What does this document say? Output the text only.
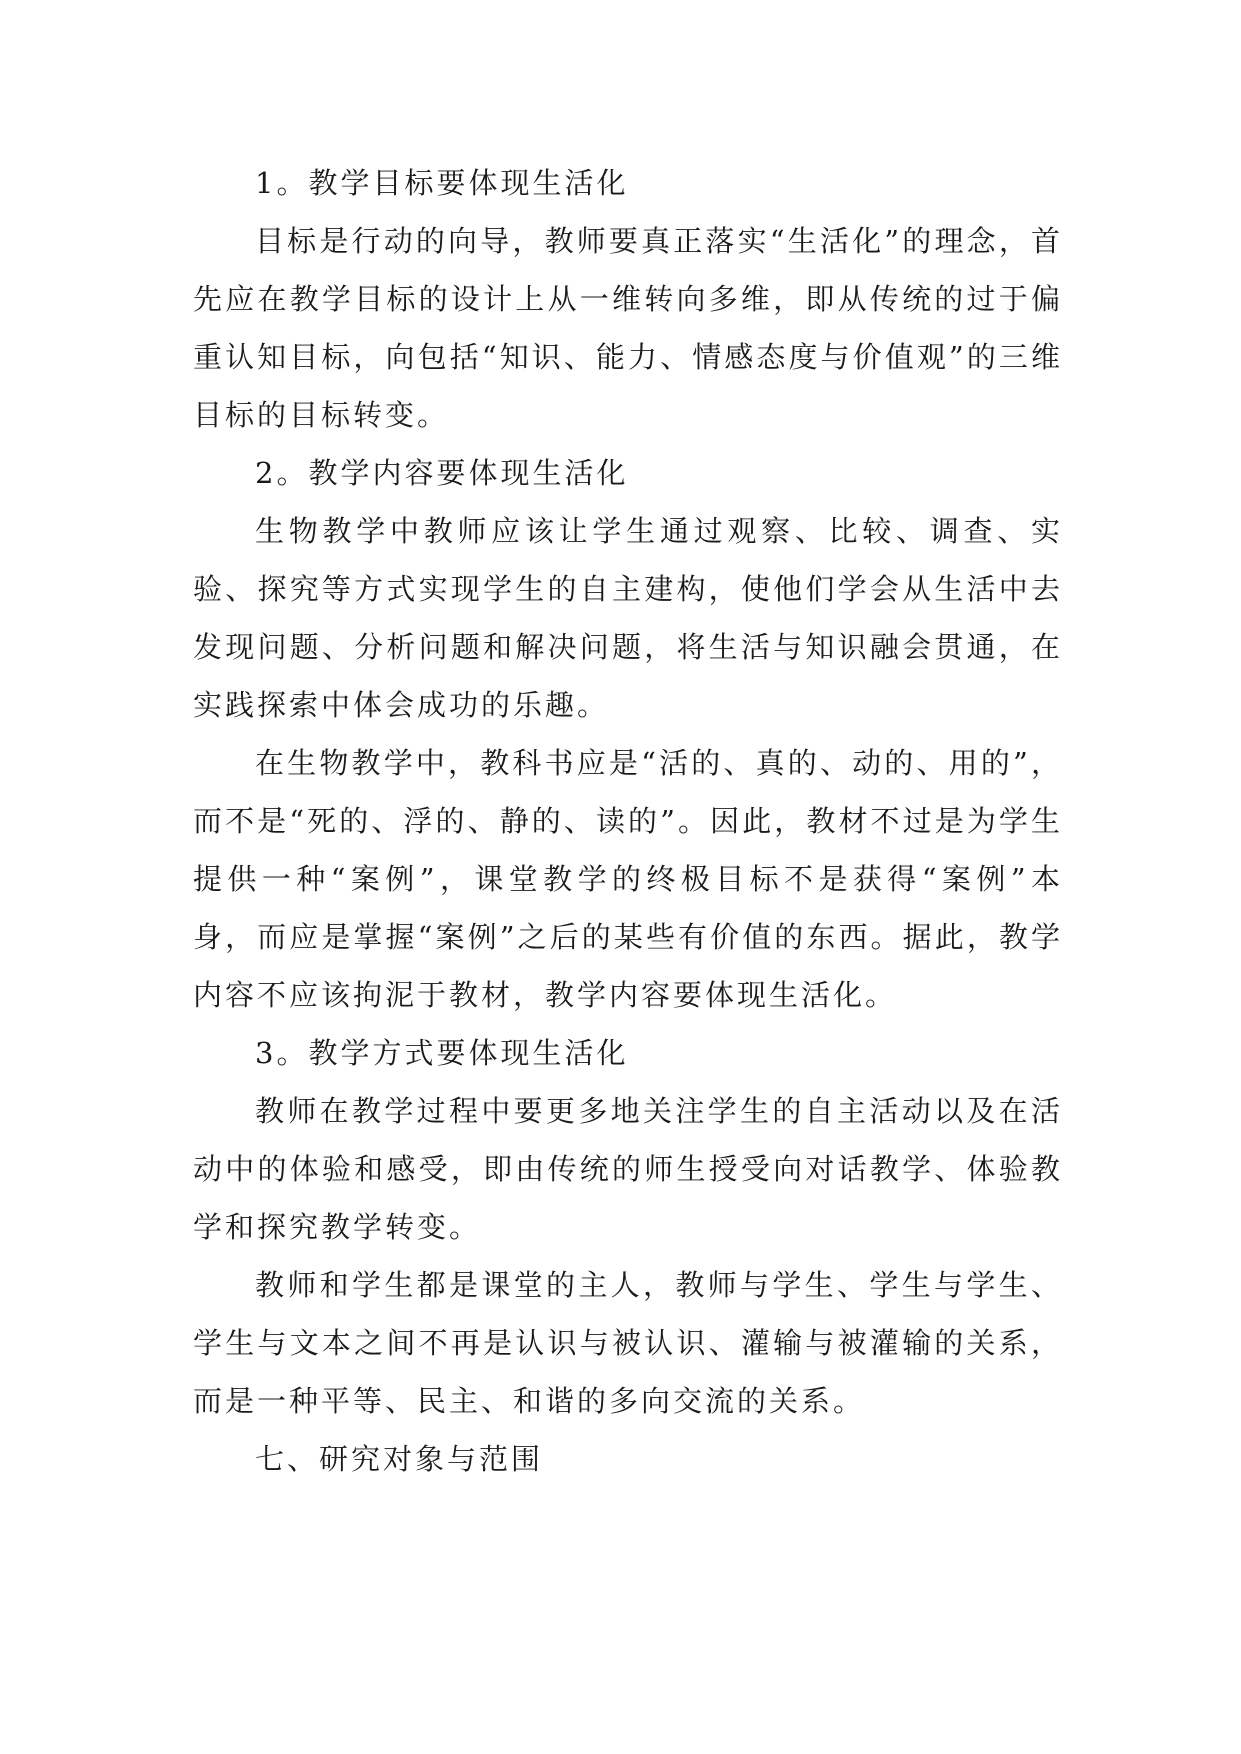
1。教学目标要体现生活化

目标是行动的向导，教师要真正落实“生活化”的理念，首先应在教学目标的设计上从一维转向多维，即从传统的过于偏重认知目标，向包括“知识、能力、情感态度与价值观”的三维目标的目标转变。

2。教学内容要体现生活化

生物教学中教师应该让学生通过观察、比较、调查、实验、探究等方式实现学生的自主建构，使他们学会从生活中去发现问题、分析问题和解决问题，将生活与知识融会贯通，在实践探索中体会成功的乐趣。

在生物教学中，教科书应是“活的、真的、动的、用的”，而不是“死的、浮的、静的、读的”。因此，教材不过是为学生提供一种“案例”，课堂教学的终极目标不是获得“案例”本身，而应是掌握“案例”之后的某些有价值的东西。据此，教学内容不应该拘泥于教材，教学内容要体现生活化。

3。教学方式要体现生活化

教师在教学过程中要更多地关注学生的自主活动以及在活动中的体验和感受，即由传统的师生授受向对话教学、体验教学和探究教学转变。

教师和学生都是课堂的主人，教师与学生、学生与学生、学生与文本之间不再是认识与被认识、灌输与被灌输的关系，而是一种平等、民主、和谐的多向交流的关系。

七、研究对象与范围
